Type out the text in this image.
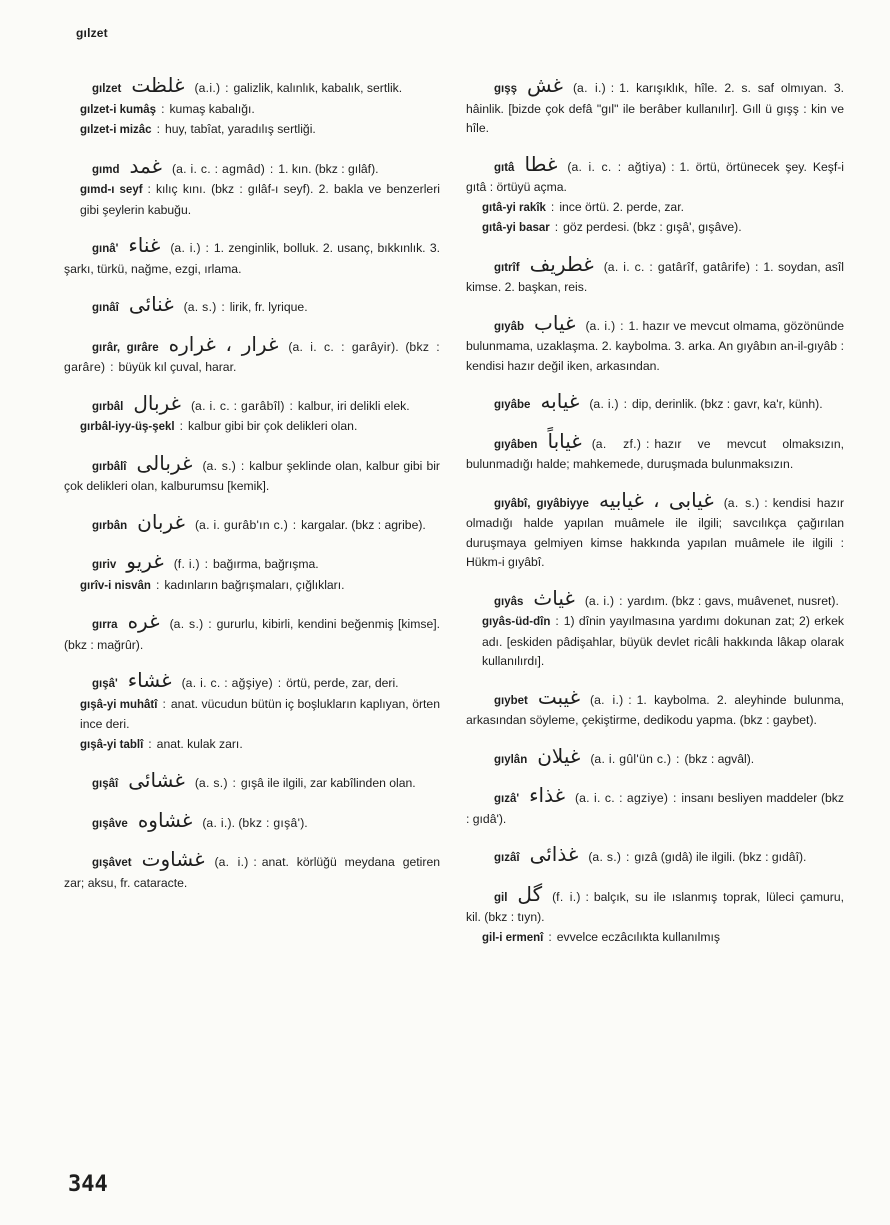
gılzet
gılzet غلظت (a.i.) : galizlik, kalınlık, kabalık, sertlik.
gılzet-i kumâş : kumaş kabalığı.
gılzet-i mizâc : huy, tabîat, yaradılış sertliği.
gımd غمد (a. i. c. : agmâd) : 1. kın. (bkz : gılâf).
gımd-ı seyf : kılıç kını. (bkz : gılâf-ı seyf). 2. bakla ve benzerleri gibi şeylerin kabuğu.
gınâ' غناء (a. i.) : 1. zenginlik, bolluk. 2. usanç, bıkkınlık. 3. şarkı, türkü, nağme, ezgi, ırlama.
gınâî غنائى (a. s.) : lirik, fr. lyrique.
gırâr, gırâre غرار ، غراره (a. i. c. : garâyir). (bkz : garâre) : büyük kıl çuval, harar.
gırbâl غربال (a. i. c. : garâbîl) : kalbur, iri delikli elek.
gırbâl-iyy-üş-şekl : kalbur gibi bir çok delikleri olan.
gırbâlî غربالى (a. s.) : kalbur şeklinde olan, kalbur gibi bir çok delikleri olan, kalburumsu [kemik].
gırbân غربان (a. i. gurâb'ın c.) : kargalar. (bkz : agribe).
gıriv غريو (f. i.) : bağırma, bağrışma.
gırîv-i nisvân : kadınların bağrışmaları, çığlıkları.
gırra غره (a. s.) : gururlu, kibirli, kendini beğenmiş [kimse]. (bkz : mağrûr).
gışâ' غشاء (a. i. c. : ağşiye) : örtü, perde, zar, deri.
gışâ-yi muhâtî : anat. vücudun bütün iç boşlukların kaplıyan, örten ince deri.
gışâ-yi tablî : anat. kulak zarı.
gışâî غشائى (a. s.) : gışâ ile ilgili, zar kabîlinden olan.
gışâve غشاوه (a. i.). (bkz : gışâ').
gışâvet غشاوت (a. i.) : anat. körlüğü meydana getiren zar; aksu, fr. cataracte.
gışş غش (a. i.) : 1. karışıklık, hîle. 2. s. saf olmıyan. 3. hâinlik. [bizde çok defâ "gıl" ile berâber kullanılır]. Gıll ü gışş : kin ve hîle.
gıtâ غطا (a. i. c. : ağtiya) : 1. örtü, örtünecek şey. Keşf-i gıtâ : örtüyü açma.
gıtâ-yi rakîk : ince örtü. 2. perde, zar.
gıtâ-yi basar : göz perdesi. (bkz : gışâ', gışâve).
gıtrîf غطريف (a. i. c. : gatârîf, gatârife) : 1. soydan, asîl kimse. 2. başkan, reis.
gıyâb غياب (a. i.) : 1. hazır ve mevcut olmama, gözönünde bulunmama, uzaklaşma. 2. kaybolma. 3. arka. An gıyâbın an-il-gıyâb : kendisi hazır değil iken, arkasından.
gıyâbe غيابه (a. i.) : dip, derinlik. (bkz : gavr, ka'r, künh).
gıyâben غياباً (a. zf.) : hazır ve mevcut olmaksızın, bulunmadığı halde; mahkemede, duruşmada bulunmaksızın.
gıyâbî, gıyâbiyye غيابى ، غيابيه (a. s.) : kendisi hazır olmadığı halde yapılan muâmele ile ilgili; savcılıkça çağırılan duruşmaya gelmiyen kimse hakkında yapılan muâmele ile ilgili : Hükm-i gıyâbî.
gıyâs غياث (a. i.) : yardım. (bkz : gavs, muâvenet, nusret).
gıyâs-üd-dîn : 1) dînin yayılmasına yardımı dokunan zat; 2) erkek adı. [eskiden pâdişahlar, büyük devlet ricâli hakkında lâkap olarak kullanılırdı].
gıybet غيبت (a. i.) : 1. kaybolma. 2. aleyhinde bulunma, arkasından söyleme, çekiştirme, dedikodu yapma. (bkz : gaybet).
gıylân غيلان (a. i. gûl'ün c.) : (bkz : agvâl).
gızâ' غذاء (a. i. c. : agziye) : insanı besliyen maddeler (bkz : gıdâ').
gızâî غذائى (a. s.) : gızâ (gıdâ) ile ilgili. (bkz : gıdâî).
gil گل (f. i.) : balçık, su ile ıslanmış toprak, lüleci çamuru, kil. (bkz : tıyn).
gil-i ermenî : evvelce eczâcılıkta kullanılmış
344
